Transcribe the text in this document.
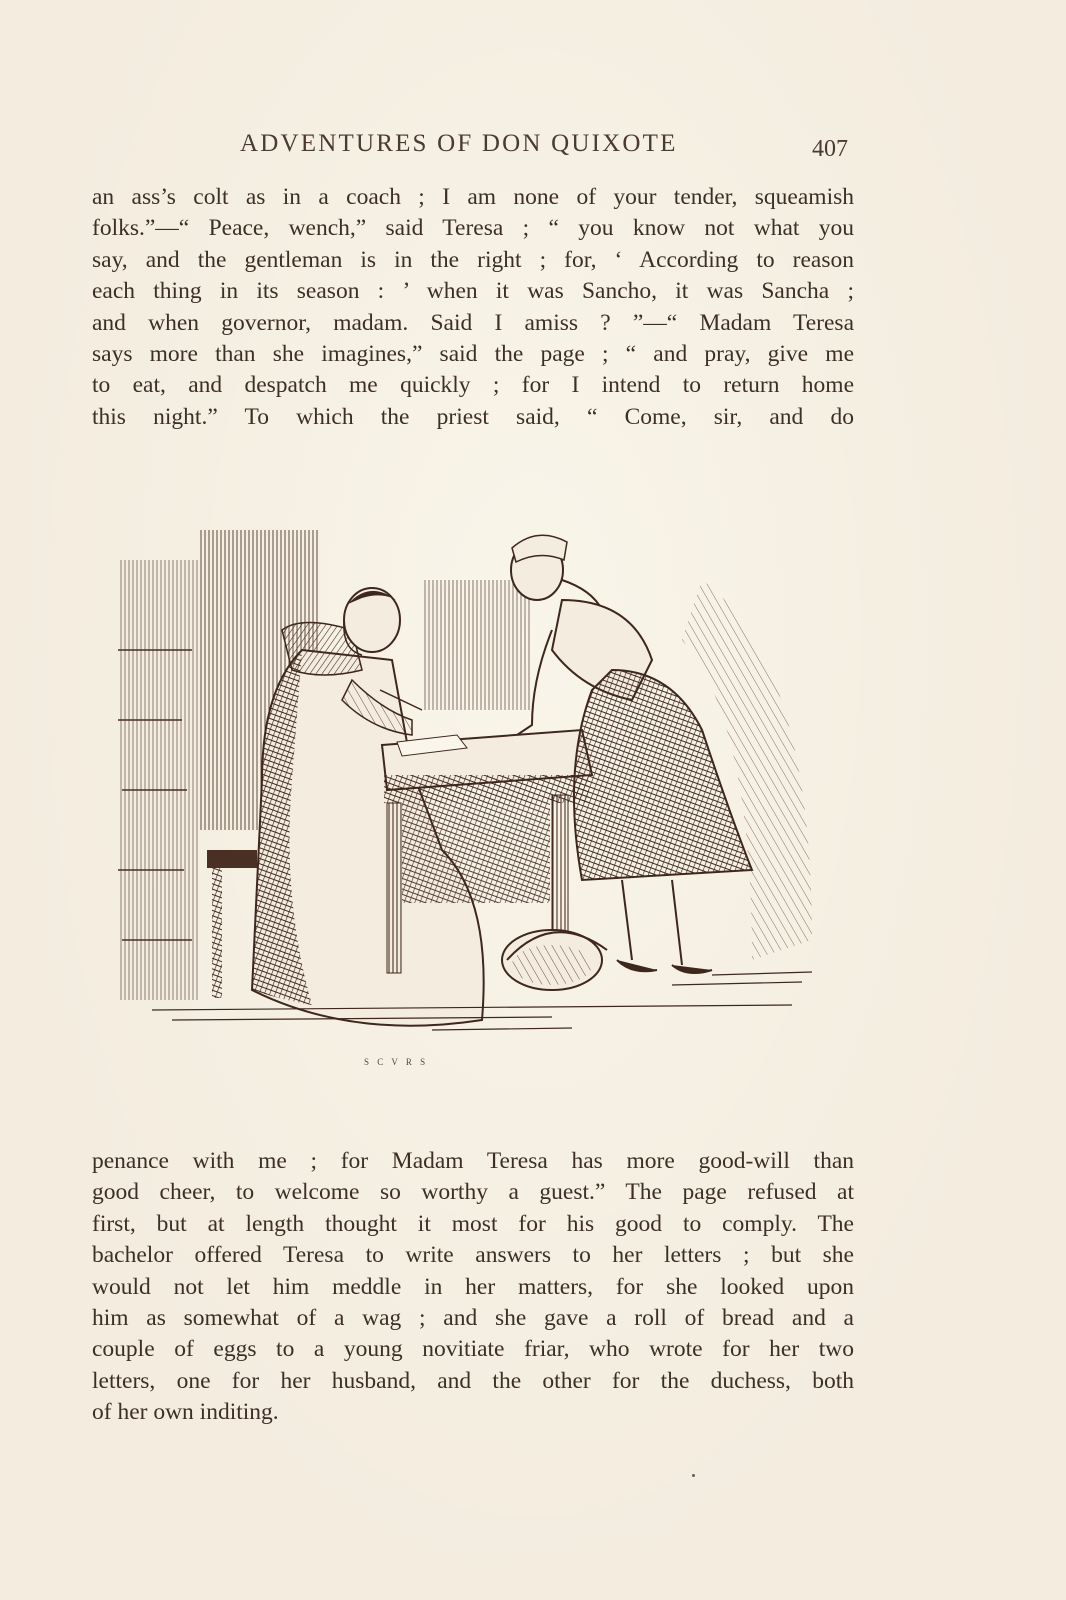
ADVENTURES OF DON QUIXOTE	407
an ass’s colt as in a coach ; I am none of your tender, squeamish
folks.”—“ Peace, wench,” said Teresa ; “ you know not what you
say, and the gentleman is in the right ; for, ‘ According to reason
each thing in its season : ’ when it was Sancho, it was Sancha ;
and when governor, madam. Said I amiss ? ”—“ Madam Teresa
says more than she imagines,” said the page ; “ and pray, give me
to eat, and despatch me quickly ; for I intend to return home
this night.” To which the priest said, “ Come, sir, and do
S C V R S
penance with me ; for Madam Teresa has more good-will than
good cheer, to welcome so worthy a guest.” The page refused at
first, but at length thought it most for his good to comply. The
bachelor offered Teresa to write answers to her letters ; but she
would not let him meddle in her matters, for she looked upon
him as somewhat of a wag ; and she gave a roll of bread and a
couple of eggs to a young novitiate friar, who wrote for her two
letters, one for her husband, and the other for the duchess, both
of her own inditing.
